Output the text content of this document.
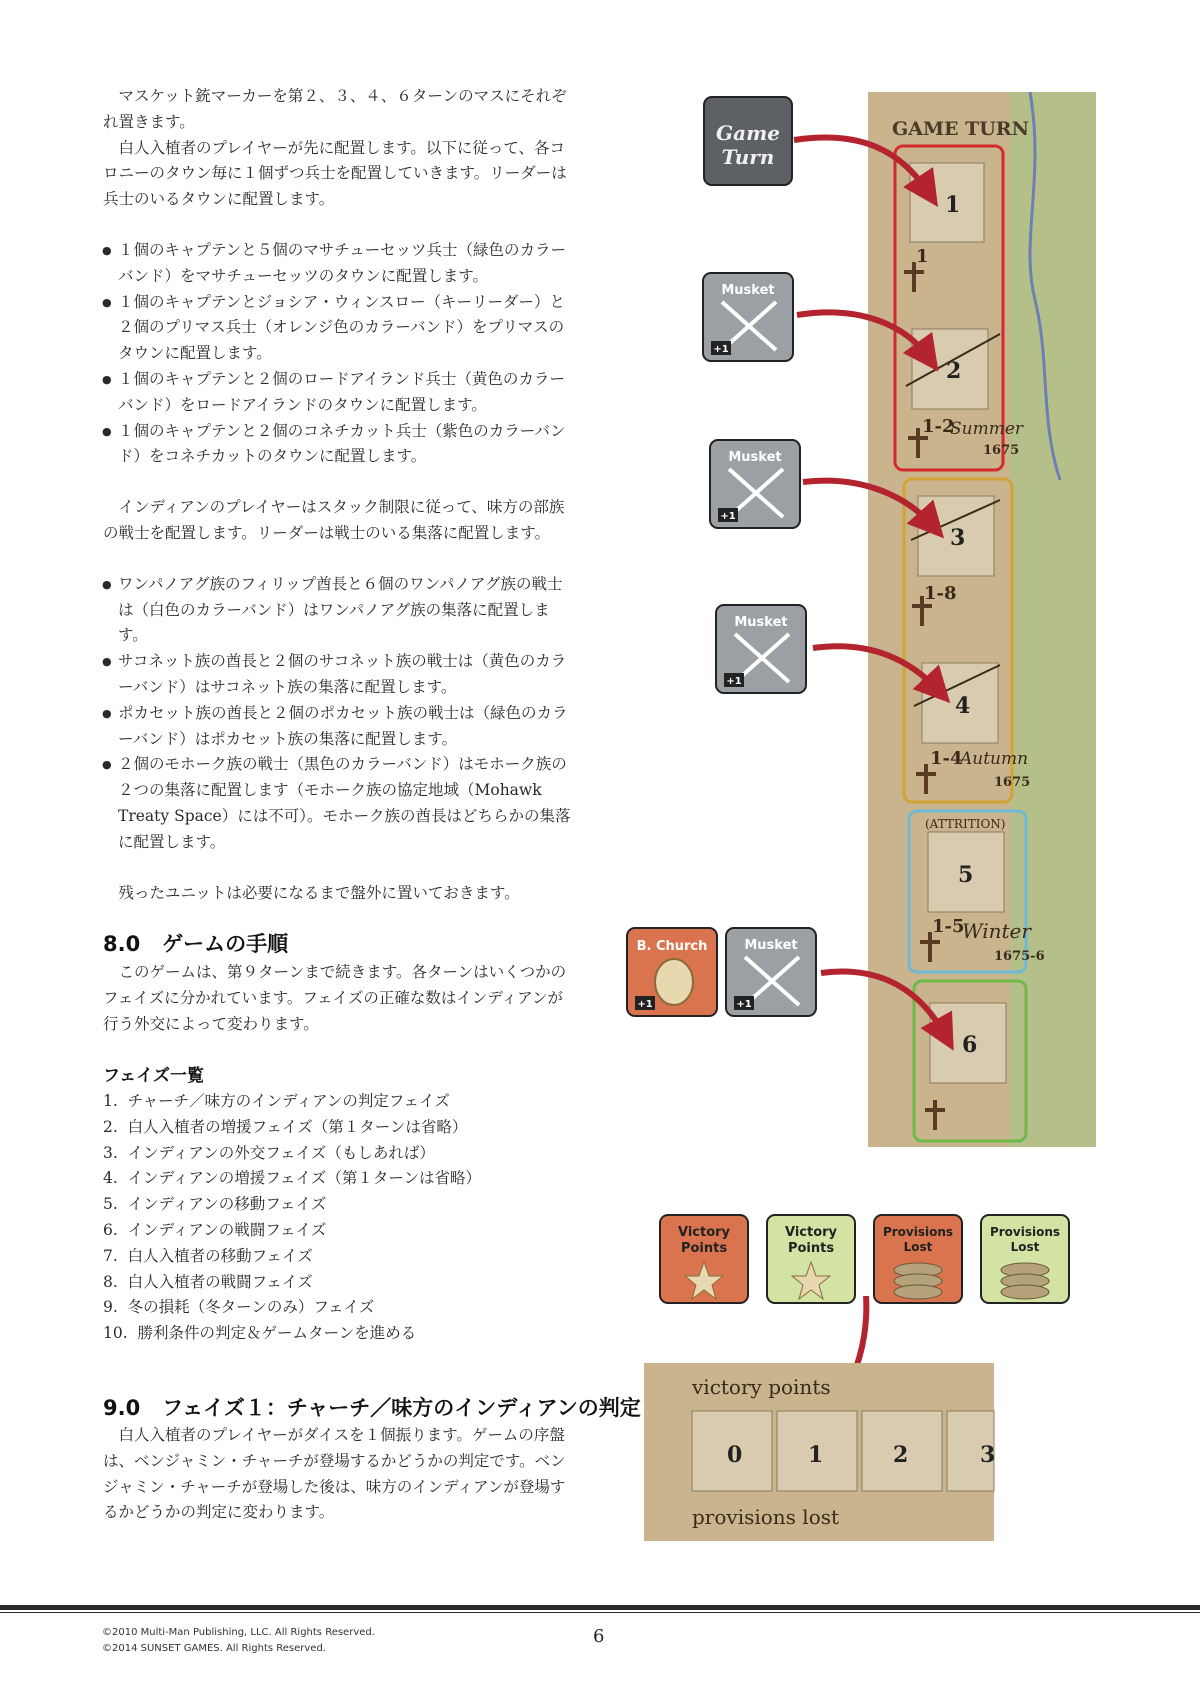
マスケット銃マーカーを第２、３、４、６ターンのマスにそれぞれ置きます。

白人入植者のプレイヤーが先に配置します。以下に従って、各コロニーのタウン毎に１個ずつ兵士を配置していきます。リーダーは兵士のいるタウンに配置します。

● １個のキャプテンと５個のマサチューセッツ兵士（緑色のカラーバンド）をマサチューセッツのタウンに配置します。
● １個のキャプテンとジョシア・ウィンスロー（キーリーダー）と２個のプリマス兵士（オレンジ色のカラーバンド）をプリマスのタウンに配置します。
● １個のキャプテンと２個のロードアイランド兵士（黄色のカラーバンド）をロードアイランドのタウンに配置します。
● １個のキャプテンと２個のコネチカット兵士（紫色のカラーバンド）をコネチカットのタウンに配置します。

インディアンのプレイヤーはスタック制限に従って、味方の部族の戦士を配置します。リーダーは戦士のいる集落に配置します。

● ワンパノアグ族のフィリップ酋長と６個のワンパノアグ族の戦士は（白色のカラーバンド）はワンパノアグ族の集落に配置します。
● サコネット族の酋長と２個のサコネット族の戦士は（黄色のカラーバンド）はサコネット族の集落に配置します。
● ポカセット族の酋長と２個のポカセット族の戦士は（緑色のカラーバンド）はポカセット族の集落に配置します。
● ２個のモホーク族の戦士（黒色のカラーバンド）はモホーク族の２つの集落に配置します（モホーク族の協定地域（Mohawk Treaty Space）には不可）。モホーク族の酋長はどちらかの集落に配置します。

残ったユニットは必要になるまで盤外に置いておきます。

8.0 ゲームの手順

このゲームは、第９ターンまで続きます。各ターンはいくつかのフェイズに分かれています。フェイズの正確な数はインディアンが行う外交によって変わります。

フェイズ一覧
1.  チャーチ／味方のインディアンの判定フェイズ
2.  白人入植者の増援フェイズ（第１ターンは省略）
3.  インディアンの外交フェイズ（もしあれば）
4.  インディアンの増援フェイズ（第１ターンは省略）
5.  インディアンの移動フェイズ
6.  インディアンの戦闘フェイズ
7.  白人入植者の移動フェイズ
8.  白人入植者の戦闘フェイズ
9.  冬の損耗（冬ターンのみ）フェイズ
10.  勝利条件の判定＆ゲームターンを進める
9.0 フェイズ１：チャーチ／味方のインディアンの判定

白人入植者のプレイヤーがダイスを１個振ります。ゲームの序盤は、ベンジャミン・チャーチが登場するかどうかの判定です。ベンジャミン・チャーチが登場した後は、味方のインディアンが登場するかどうかの判定に変わります。

GAME TURN
1
2
3
4
5
6
1
1-2
Summer
1675
1-8
1-4
Autumn
1675
(ATTRITION)
1-5
Winter
1675-6
Game
Turn
Musket
+1
Musket
+1
Musket
+1
Musket
+1
B. Church
+1
Victory
Points
Victory
Points
Provisions
Lost
Provisions
Lost
victory points
0	1	2	3
provisions lost
©2010 Multi-Man Publishing, LLC. All Rights Reserved.
©2014 SUNSET GAMES. All Rights Reserved.
6
